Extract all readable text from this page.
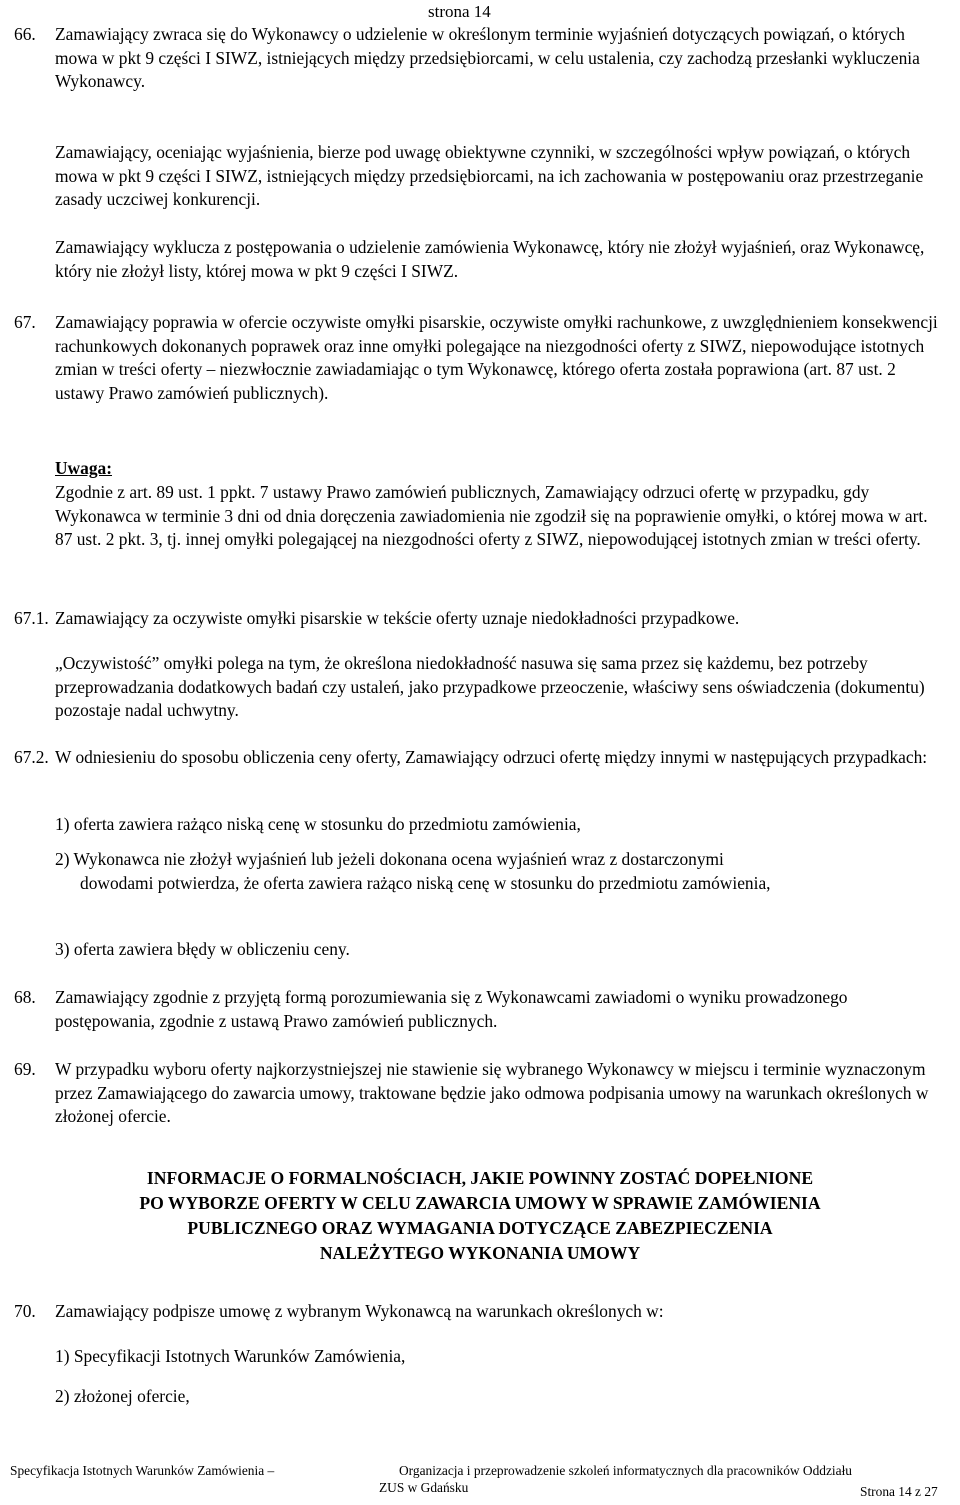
strona 14
66. Zamawiający zwraca się do Wykonawcy o udzielenie w określonym terminie wyjaśnień dotyczących powiązań, o których mowa w pkt 9 części I SIWZ, istniejących między przedsiębiorcami, w celu ustalenia, czy zachodzą przesłanki wykluczenia Wykonawcy.

Zamawiający, oceniając wyjaśnienia, bierze pod uwagę obiektywne czynniki, w szczególności wpływ powiązań, o których mowa w pkt 9 części I SIWZ, istniejących między przedsiębiorcami, na ich zachowania w postępowaniu oraz przestrzeganie zasady uczciwej konkurencji.

Zamawiający wyklucza z postępowania o udzielenie zamówienia Wykonawcę, który nie złożył wyjaśnień, oraz Wykonawcę, który nie złożył listy, której mowa w pkt 9 części I SIWZ.

67. Zamawiający poprawia w ofercie oczywiste omyłki pisarskie, oczywiste omyłki rachunkowe, z uwzględnieniem konsekwencji rachunkowych dokonanych poprawek oraz inne omyłki polegające na niezgodności oferty z SIWZ, niepowodujące istotnych zmian w treści oferty – niezwłocznie zawiadamiając o tym Wykonawcę, którego oferta została poprawiona (art. 87 ust. 2 ustawy Prawo zamówień publicznych).

Uwaga:

Zgodnie z art. 89 ust. 1 ppkt. 7 ustawy Prawo zamówień publicznych, Zamawiający odrzuci ofertę w przypadku, gdy Wykonawca w terminie 3 dni od dnia doręczenia zawiadomienia nie zgodził się na poprawienie omyłki, o której mowa w art. 87 ust. 2 pkt. 3, tj. innej omyłki polegającej na niezgodności oferty z SIWZ, niepowodującej istotnych zmian w treści oferty.

67.1. Zamawiający za oczywiste omyłki pisarskie w tekście oferty uznaje niedokładności przypadkowe.

„Oczywistość” omyłki polega na tym, że określona niedokładność nasuwa się sama przez się każdemu, bez potrzeby przeprowadzania dodatkowych badań czy ustaleń, jako przypadkowe przeoczenie, właściwy sens oświadczenia (dokumentu) pozostaje nadal uchwytny.

67.2. W odniesieniu do sposobu obliczenia ceny oferty, Zamawiający odrzuci ofertę między innymi w następujących przypadkach:

1) oferta zawiera rażąco niską cenę w stosunku do przedmiotu zamówienia,

2) Wykonawca nie złożył wyjaśnień lub jeżeli dokonana ocena wyjaśnień wraz z dostarczonymi

dowodami potwierdza, że oferta zawiera rażąco niską cenę w stosunku do przedmiotu zamówienia,

3) oferta zawiera błędy w obliczeniu ceny.

68. Zamawiający zgodnie z przyjętą formą porozumiewania się z Wykonawcami zawiadomi o wyniku prowadzonego postępowania, zgodnie z ustawą Prawo zamówień publicznych.

69. W przypadku wyboru oferty najkorzystniejszej nie stawienie się wybranego Wykonawcy w miejscu i terminie wyznaczonym przez Zamawiającego do zawarcia umowy, traktowane będzie jako odmowa podpisania umowy na warunkach określonych w złożonej ofercie.

INFORMACJE O FORMALNOŚCIACH, JAKIE POWINNY ZOSTAĆ DOPEŁNIONE
PO WYBORZE OFERTY W CELU ZAWARCIA UMOWY W SPRAWIE ZAMÓWIENIA
PUBLICZNEGO ORAZ WYMAGANIA DOTYCZĄCE ZABEZPIECZENIA
NALEŻYTEGO WYKONANIA UMOWY
70. Zamawiający podpisze umowę z wybranym Wykonawcą na warunkach określonych w:

1) Specyfikacji Istotnych Warunków Zamówienia,

2) złożonej ofercie,

Specyfikacja Istotnych Warunków Zamówienia –	Organizacja i przeprowadzenie szkoleń informatycznych dla pracowników Oddziału
ZUS w Gdańsku	Strona 14 z 27
